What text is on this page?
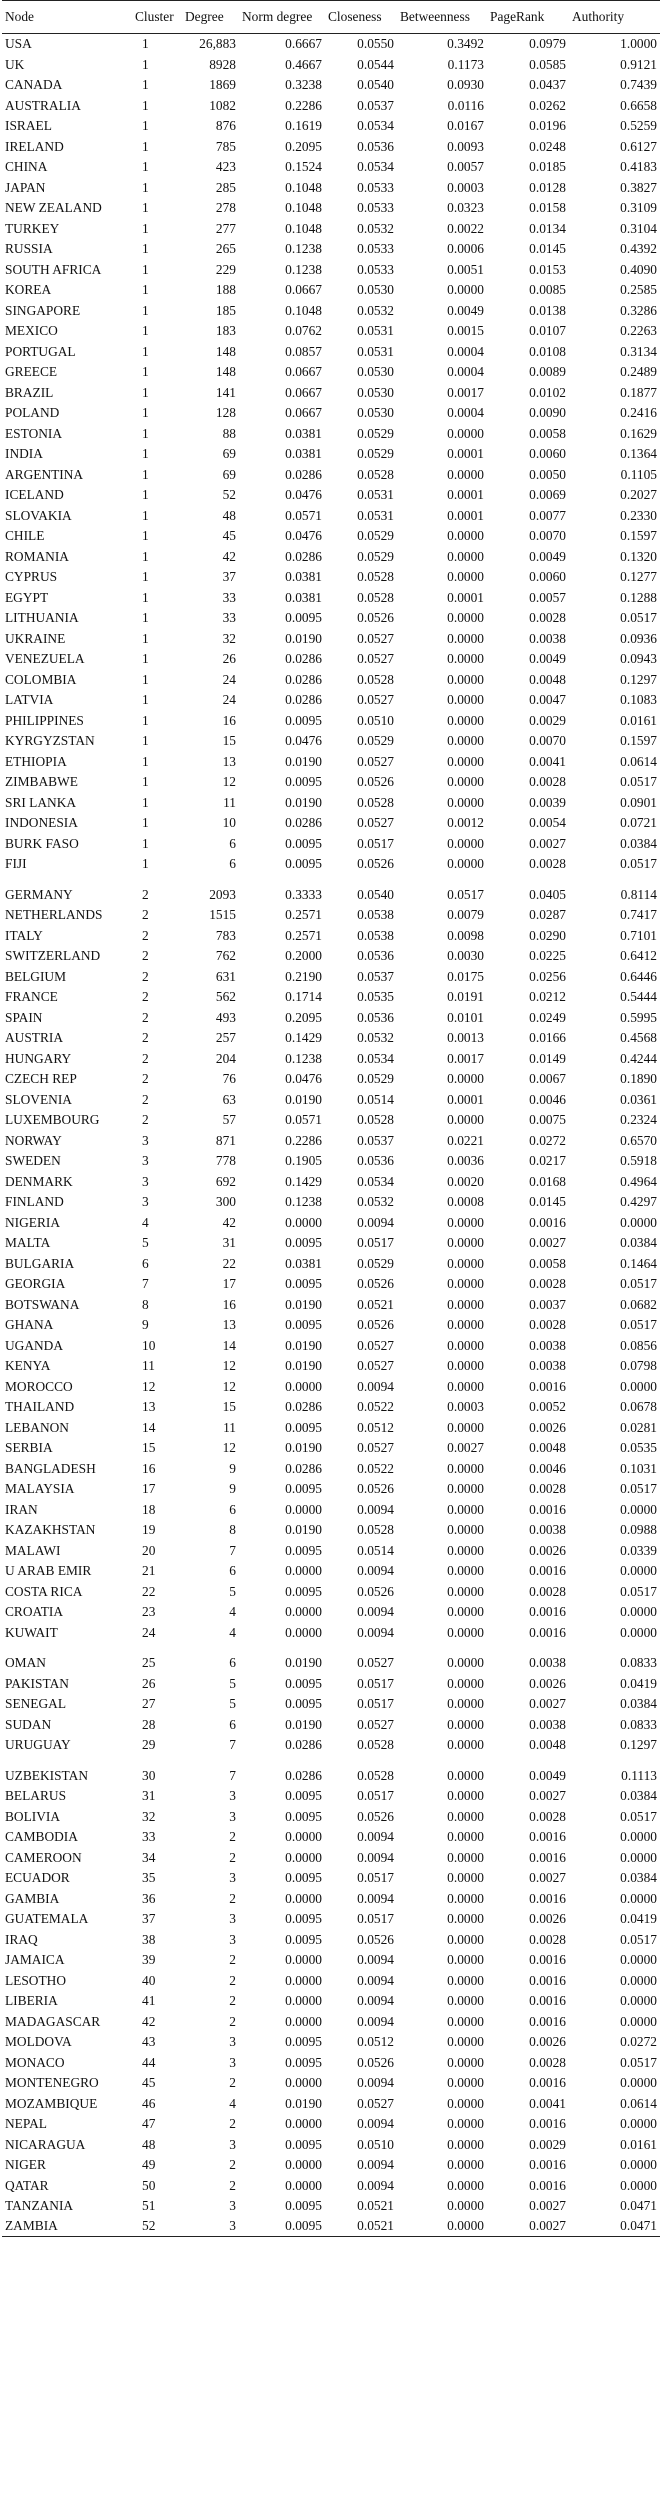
Node	Cluster	Degree	Norm degree	Closeness	Betweenness	PageRank	Authority
USA	1	26,883	0.6667	0.0550	0.3492	0.0979	1.0000
UK	1	8928	0.4667	0.0544	0.1173	0.0585	0.9121
CANADA	1	1869	0.3238	0.0540	0.0930	0.0437	0.7439
AUSTRALIA	1	1082	0.2286	0.0537	0.0116	0.0262	0.6658
ISRAEL	1	876	0.1619	0.0534	0.0167	0.0196	0.5259
IRELAND	1	785	0.2095	0.0536	0.0093	0.0248	0.6127
CHINA	1	423	0.1524	0.0534	0.0057	0.0185	0.4183
JAPAN	1	285	0.1048	0.0533	0.0003	0.0128	0.3827
NEW ZEALAND	1	278	0.1048	0.0533	0.0323	0.0158	0.3109
TURKEY	1	277	0.1048	0.0532	0.0022	0.0134	0.3104
RUSSIA	1	265	0.1238	0.0533	0.0006	0.0145	0.4392
SOUTH AFRICA	1	229	0.1238	0.0533	0.0051	0.0153	0.4090
KOREA	1	188	0.0667	0.0530	0.0000	0.0085	0.2585
SINGAPORE	1	185	0.1048	0.0532	0.0049	0.0138	0.3286
MEXICO	1	183	0.0762	0.0531	0.0015	0.0107	0.2263
PORTUGAL	1	148	0.0857	0.0531	0.0004	0.0108	0.3134
GREECE	1	148	0.0667	0.0530	0.0004	0.0089	0.2489
BRAZIL	1	141	0.0667	0.0530	0.0017	0.0102	0.1877
POLAND	1	128	0.0667	0.0530	0.0004	0.0090	0.2416
ESTONIA	1	88	0.0381	0.0529	0.0000	0.0058	0.1629
INDIA	1	69	0.0381	0.0529	0.0001	0.0060	0.1364
ARGENTINA	1	69	0.0286	0.0528	0.0000	0.0050	0.1105
ICELAND	1	52	0.0476	0.0531	0.0001	0.0069	0.2027
SLOVAKIA	1	48	0.0571	0.0531	0.0001	0.0077	0.2330
CHILE	1	45	0.0476	0.0529	0.0000	0.0070	0.1597
ROMANIA	1	42	0.0286	0.0529	0.0000	0.0049	0.1320
CYPRUS	1	37	0.0381	0.0528	0.0000	0.0060	0.1277
EGYPT	1	33	0.0381	0.0528	0.0001	0.0057	0.1288
LITHUANIA	1	33	0.0095	0.0526	0.0000	0.0028	0.0517
UKRAINE	1	32	0.0190	0.0527	0.0000	0.0038	0.0936
VENEZUELA	1	26	0.0286	0.0527	0.0000	0.0049	0.0943
COLOMBIA	1	24	0.0286	0.0528	0.0000	0.0048	0.1297
LATVIA	1	24	0.0286	0.0527	0.0000	0.0047	0.1083
PHILIPPINES	1	16	0.0095	0.0510	0.0000	0.0029	0.0161
KYRGYZSTAN	1	15	0.0476	0.0529	0.0000	0.0070	0.1597
ETHIOPIA	1	13	0.0190	0.0527	0.0000	0.0041	0.0614
ZIMBABWE	1	12	0.0095	0.0526	0.0000	0.0028	0.0517
SRI LANKA	1	11	0.0190	0.0528	0.0000	0.0039	0.0901
INDONESIA	1	10	0.0286	0.0527	0.0012	0.0054	0.0721
BURK FASO	1	6	0.0095	0.0517	0.0000	0.0027	0.0384
FIJI	1	6	0.0095	0.0526	0.0000	0.0028	0.0517

GERMANY	2	2093	0.3333	0.0540	0.0517	0.0405	0.8114
NETHERLANDS	2	1515	0.2571	0.0538	0.0079	0.0287	0.7417
ITALY	2	783	0.2571	0.0538	0.0098	0.0290	0.7101
SWITZERLAND	2	762	0.2000	0.0536	0.0030	0.0225	0.6412
BELGIUM	2	631	0.2190	0.0537	0.0175	0.0256	0.6446
FRANCE	2	562	0.1714	0.0535	0.0191	0.0212	0.5444
SPAIN	2	493	0.2095	0.0536	0.0101	0.0249	0.5995
AUSTRIA	2	257	0.1429	0.0532	0.0013	0.0166	0.4568
HUNGARY	2	204	0.1238	0.0534	0.0017	0.0149	0.4244
CZECH REP	2	76	0.0476	0.0529	0.0000	0.0067	0.1890
SLOVENIA	2	63	0.0190	0.0514	0.0001	0.0046	0.0361
LUXEMBOURG	2	57	0.0571	0.0528	0.0000	0.0075	0.2324
NORWAY	3	871	0.2286	0.0537	0.0221	0.0272	0.6570
SWEDEN	3	778	0.1905	0.0536	0.0036	0.0217	0.5918
DENMARK	3	692	0.1429	0.0534	0.0020	0.0168	0.4964
FINLAND	3	300	0.1238	0.0532	0.0008	0.0145	0.4297
NIGERIA	4	42	0.0000	0.0094	0.0000	0.0016	0.0000
MALTA	5	31	0.0095	0.0517	0.0000	0.0027	0.0384
BULGARIA	6	22	0.0381	0.0529	0.0000	0.0058	0.1464
GEORGIA	7	17	0.0095	0.0526	0.0000	0.0028	0.0517
BOTSWANA	8	16	0.0190	0.0521	0.0000	0.0037	0.0682
GHANA	9	13	0.0095	0.0526	0.0000	0.0028	0.0517
UGANDA	10	14	0.0190	0.0527	0.0000	0.0038	0.0856
KENYA	11	12	0.0190	0.0527	0.0000	0.0038	0.0798
MOROCCO	12	12	0.0000	0.0094	0.0000	0.0016	0.0000
THAILAND	13	15	0.0286	0.0522	0.0003	0.0052	0.0678
LEBANON	14	11	0.0095	0.0512	0.0000	0.0026	0.0281
SERBIA	15	12	0.0190	0.0527	0.0027	0.0048	0.0535
BANGLADESH	16	9	0.0286	0.0522	0.0000	0.0046	0.1031
MALAYSIA	17	9	0.0095	0.0526	0.0000	0.0028	0.0517
IRAN	18	6	0.0000	0.0094	0.0000	0.0016	0.0000
KAZAKHSTAN	19	8	0.0190	0.0528	0.0000	0.0038	0.0988
MALAWI	20	7	0.0095	0.0514	0.0000	0.0026	0.0339
U ARAB EMIR	21	6	0.0000	0.0094	0.0000	0.0016	0.0000
COSTA RICA	22	5	0.0095	0.0526	0.0000	0.0028	0.0517
CROATIA	23	4	0.0000	0.0094	0.0000	0.0016	0.0000
KUWAIT	24	4	0.0000	0.0094	0.0000	0.0016	0.0000

OMAN	25	6	0.0190	0.0527	0.0000	0.0038	0.0833
PAKISTAN	26	5	0.0095	0.0517	0.0000	0.0026	0.0419
SENEGAL	27	5	0.0095	0.0517	0.0000	0.0027	0.0384
SUDAN	28	6	0.0190	0.0527	0.0000	0.0038	0.0833
URUGUAY	29	7	0.0286	0.0528	0.0000	0.0048	0.1297

UZBEKISTAN	30	7	0.0286	0.0528	0.0000	0.0049	0.1113
BELARUS	31	3	0.0095	0.0517	0.0000	0.0027	0.0384
BOLIVIA	32	3	0.0095	0.0526	0.0000	0.0028	0.0517
CAMBODIA	33	2	0.0000	0.0094	0.0000	0.0016	0.0000
CAMEROON	34	2	0.0000	0.0094	0.0000	0.0016	0.0000
ECUADOR	35	3	0.0095	0.0517	0.0000	0.0027	0.0384
GAMBIA	36	2	0.0000	0.0094	0.0000	0.0016	0.0000
GUATEMALA	37	3	0.0095	0.0517	0.0000	0.0026	0.0419
IRAQ	38	3	0.0095	0.0526	0.0000	0.0028	0.0517
JAMAICA	39	2	0.0000	0.0094	0.0000	0.0016	0.0000
LESOTHO	40	2	0.0000	0.0094	0.0000	0.0016	0.0000
LIBERIA	41	2	0.0000	0.0094	0.0000	0.0016	0.0000
MADAGASCAR	42	2	0.0000	0.0094	0.0000	0.0016	0.0000
MOLDOVA	43	3	0.0095	0.0512	0.0000	0.0026	0.0272
MONACO	44	3	0.0095	0.0526	0.0000	0.0028	0.0517
MONTENEGRO	45	2	0.0000	0.0094	0.0000	0.0016	0.0000
MOZAMBIQUE	46	4	0.0190	0.0527	0.0000	0.0041	0.0614
NEPAL	47	2	0.0000	0.0094	0.0000	0.0016	0.0000
NICARAGUA	48	3	0.0095	0.0510	0.0000	0.0029	0.0161
NIGER	49	2	0.0000	0.0094	0.0000	0.0016	0.0000
QATAR	50	2	0.0000	0.0094	0.0000	0.0016	0.0000
TANZANIA	51	3	0.0095	0.0521	0.0000	0.0027	0.0471
ZAMBIA	52	3	0.0095	0.0521	0.0000	0.0027	0.0471
